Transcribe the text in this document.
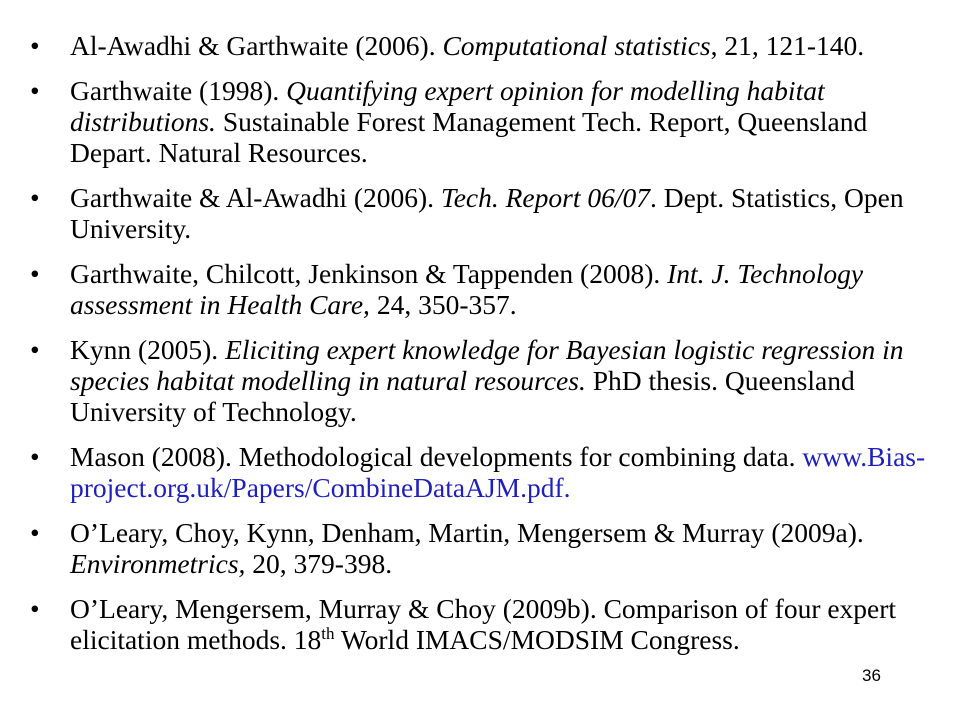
•	Al-Awadhi & Garthwaite (2006). Computational statistics, 21, 121-140.
•	Garthwaite (1998). Quantifying expert opinion for modelling habitat distributions. Sustainable Forest Management Tech. Report, Queensland Depart. Natural Resources.
•	Garthwaite & Al-Awadhi (2006). Tech. Report 06/07. Dept. Statistics, Open University.
•	Garthwaite, Chilcott, Jenkinson & Tappenden (2008). Int. J. Technology assessment in Health Care, 24, 350-357.
•	Kynn (2005). Eliciting expert knowledge for Bayesian logistic regression in species habitat modelling in natural resources. PhD thesis. Queensland University of Technology.
•	Mason (2008). Methodological developments for combining data. www.Bias-project.org.uk/Papers/CombineDataAJM.pdf.
•	O’Leary, Choy, Kynn, Denham, Martin, Mengersem & Murray (2009a). Environmetrics, 20, 379-398.
•	O’Leary, Mengersem, Murray & Choy (2009b). Comparison of four expert elicitation methods. 18th World IMACS/MODSIM Congress.
36
